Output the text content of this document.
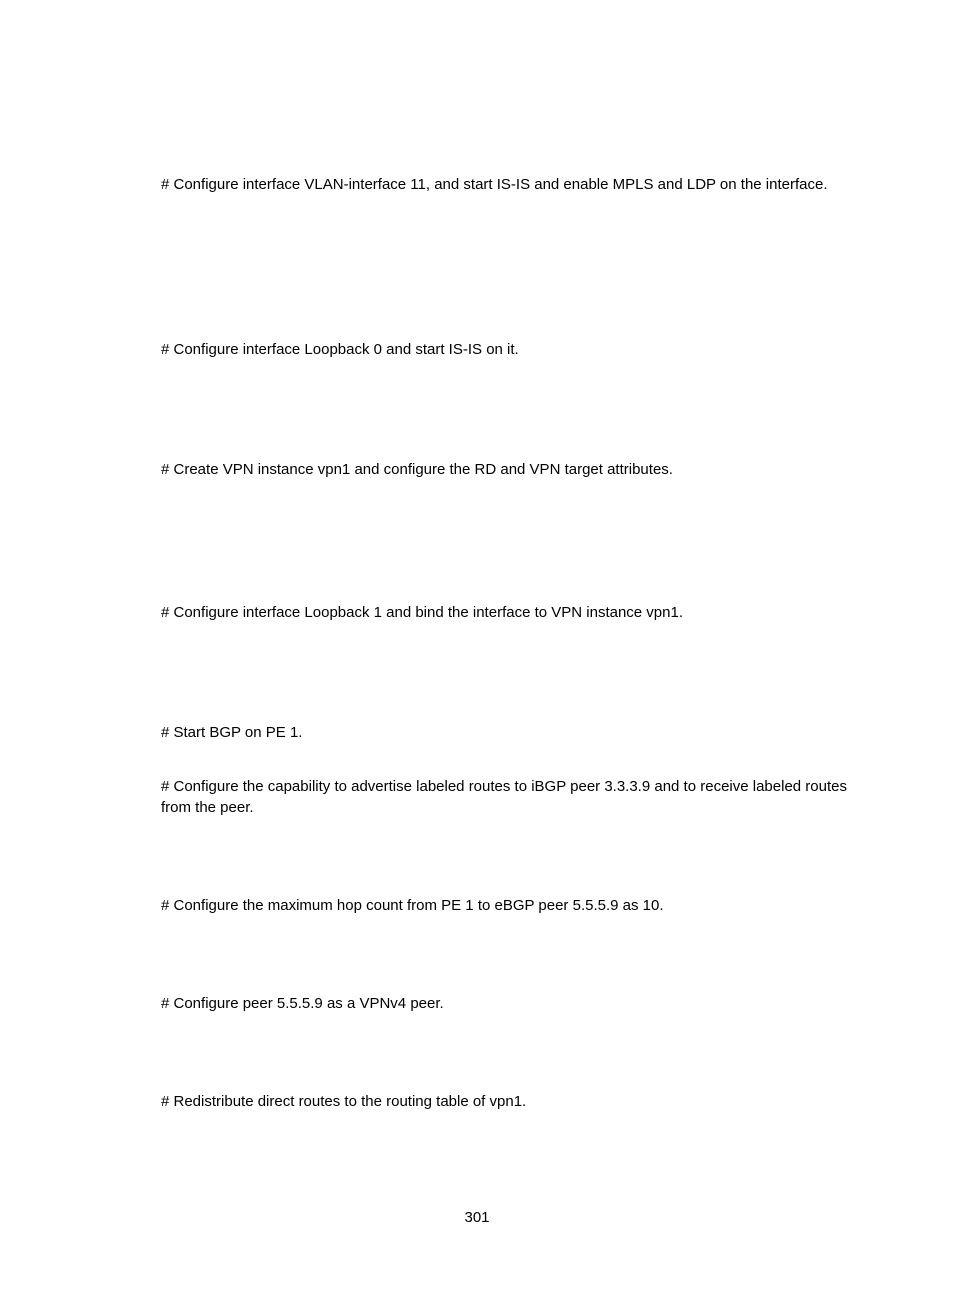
# Configure interface VLAN-interface 11, and start IS-IS and enable MPLS and LDP on the interface.

# Configure interface Loopback 0 and start IS-IS on it.

# Create VPN instance vpn1 and configure the RD and VPN target attributes.

# Configure interface Loopback 1 and bind the interface to VPN instance vpn1.

# Start BGP on PE 1.

# Configure the capability to advertise labeled routes to iBGP peer 3.3.3.9 and to receive labeled routes from the peer.

# Configure the maximum hop count from PE 1 to eBGP peer 5.5.5.9 as 10.

# Configure peer 5.5.5.9 as a VPNv4 peer.

# Redistribute direct routes to the routing table of vpn1.

301
